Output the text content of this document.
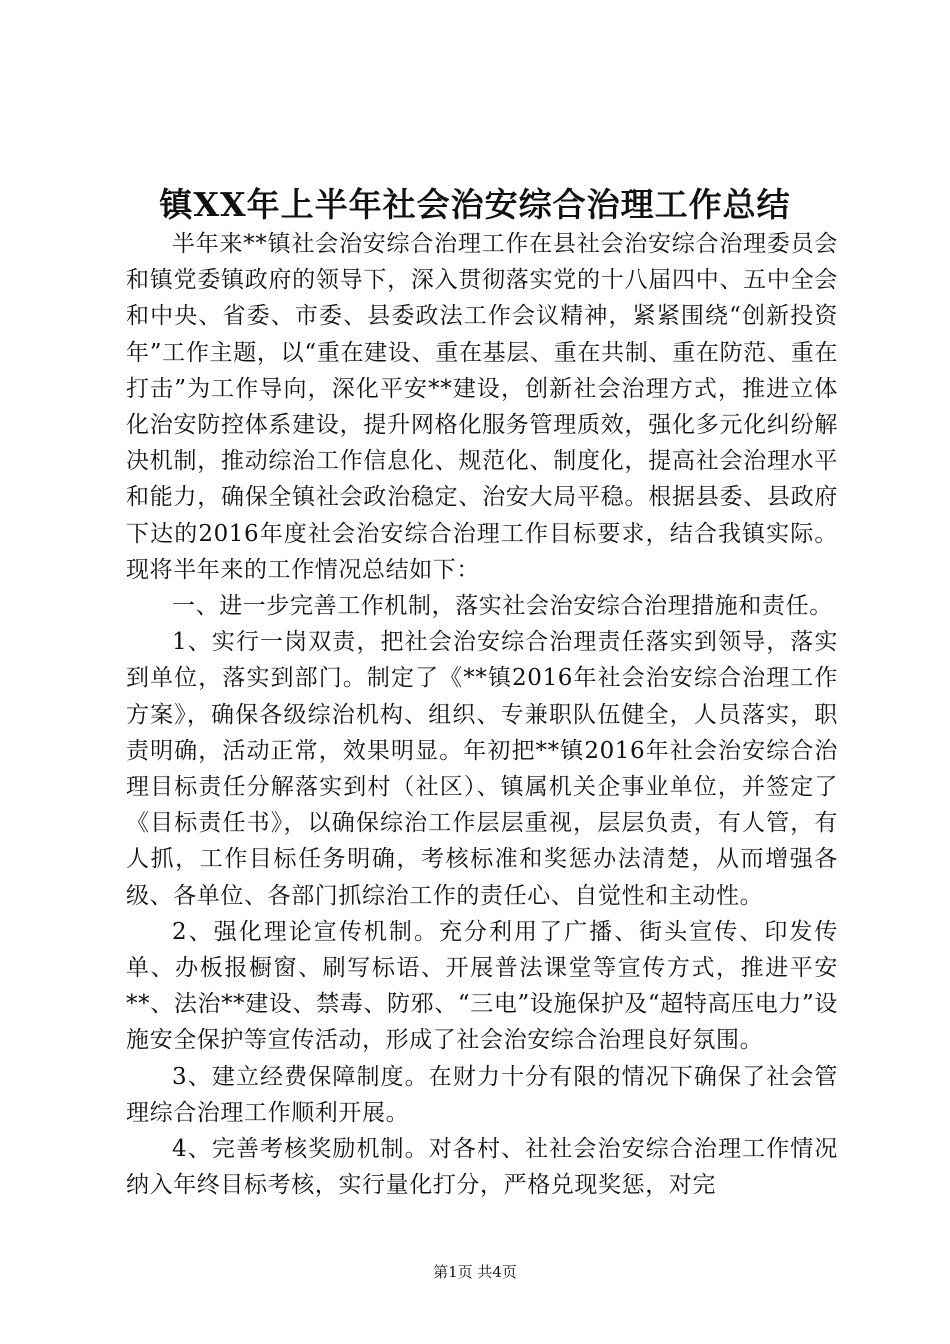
镇XX年上半年社会治安综合治理工作总结

半年来**镇社会治安综合治理工作在县社会治安综合治理委员会和镇党委镇政府的领导下，深入贯彻落实党的十八届四中、五中全会和中央、省委、市委、县委政法工作会议精神，紧紧围绕“创新投资年”工作主题，以“重在建设、重在基层、重在共制、重在防范、重在打击”为工作导向，深化平安**建设，创新社会治理方式，推进立体化治安防控体系建设，提升网格化服务管理质效，强化多元化纠纷解决机制，推动综治工作信息化、规范化、制度化，提高社会治理水平和能力，确保全镇社会政治稳定、治安大局平稳。根据县委、县政府下达的2016年度社会治安综合治理工作目标要求，结合我镇实际。现将半年来的工作情况总结如下：

一、进一步完善工作机制，落实社会治安综合治理措施和责任。

1、实行一岗双责，把社会治安综合治理责任落实到领导，落实到单位，落实到部门。制定了《**镇2016年社会治安综合治理工作方案》，确保各级综治机构、组织、专兼职队伍健全，人员落实，职责明确，活动正常，效果明显。年初把**镇2016年社会治安综合治理目标责任分解落实到村（社区）、镇属机关企事业单位，并签定了《目标责任书》，以确保综治工作层层重视，层层负责，有人管，有人抓，工作目标任务明确，考核标准和奖惩办法清楚，从而增强各级、各单位、各部门抓综治工作的责任心、自觉性和主动性。

2、强化理论宣传机制。充分利用了广播、街头宣传、印发传单、办板报橱窗、刷写标语、开展普法课堂等宣传方式，推进平安**、法治**建设、禁毒、防邪、“三电”设施保护及“超特高压电力”设施安全保护等宣传活动，形成了社会治安综合治理良好氛围。

3、建立经费保障制度。在财力十分有限的情况下确保了社会管理综合治理工作顺利开展。

4、完善考核奖励机制。对各村、社社会治安综合治理工作情况纳入年终目标考核，实行量化打分，严格兑现奖惩，对完

第1页 共4页
